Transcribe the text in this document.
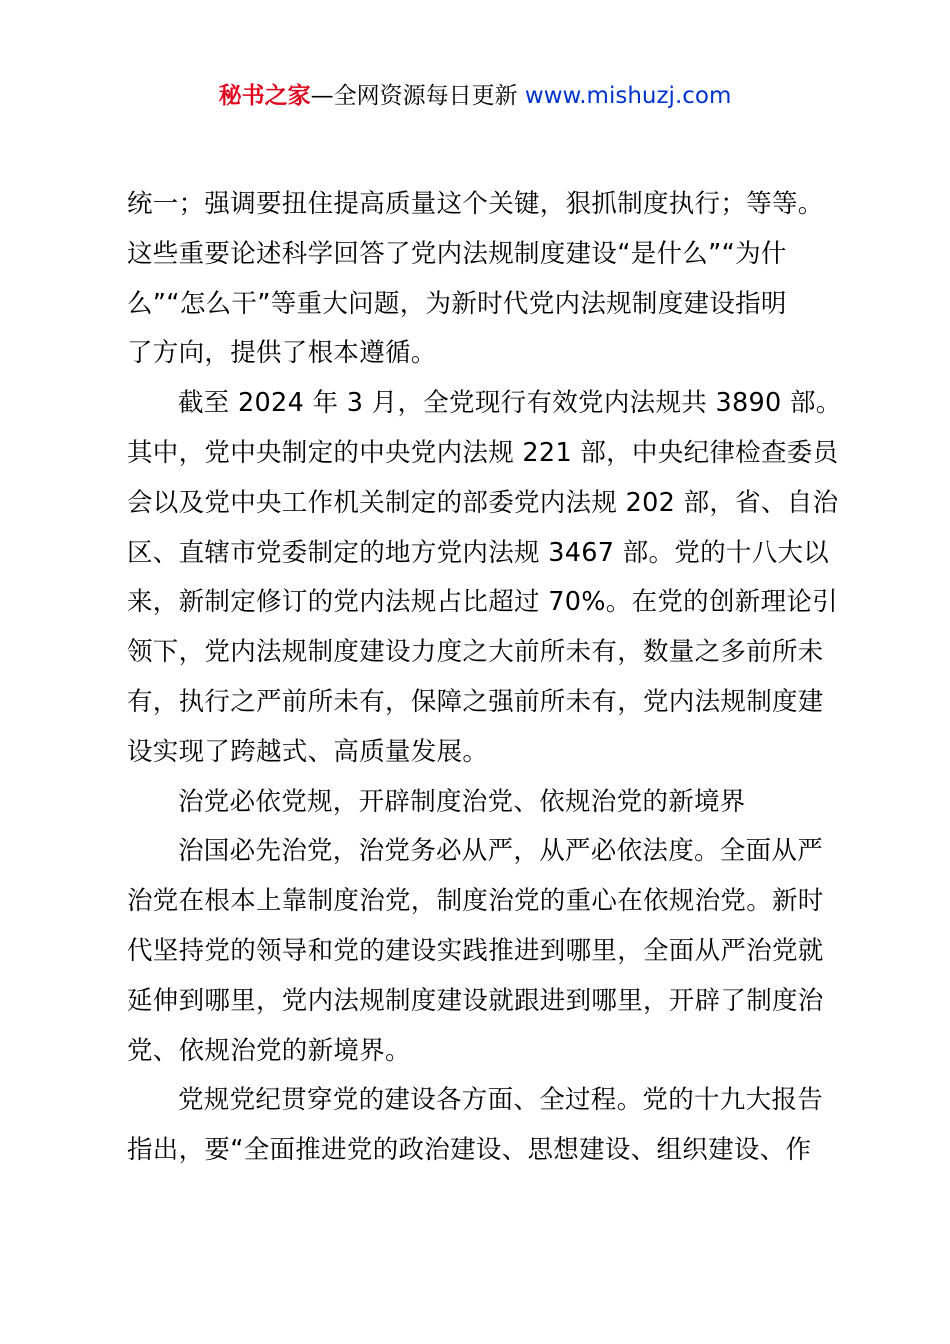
秘书之家—全网资源每日更新 www.mishuzj.com

统一；强调要扭住提高质量这个关键，狠抓制度执行；等等。
这些重要论述科学回答了党内法规制度建设“是什么”“为什
么”“怎么干”等重大问题，为新时代党内法规制度建设指明
了方向，提供了根本遵循。

截至 2024 年 3 月，全党现行有效党内法规共 3890 部。
其中，党中央制定的中央党内法规 221 部，中央纪律检查委员
会以及党中央工作机关制定的部委党内法规 202 部，省、自治
区、直辖市党委制定的地方党内法规 3467 部。党的十八大以
来，新制定修订的党内法规占比超过 70%。在党的创新理论引
领下，党内法规制度建设力度之大前所未有，数量之多前所未
有，执行之严前所未有，保障之强前所未有，党内法规制度建
设实现了跨越式、高质量发展。

治党必依党规，开辟制度治党、依规治党的新境界

治国必先治党，治党务必从严，从严必依法度。全面从严
治党在根本上靠制度治党，制度治党的重心在依规治党。新时
代坚持党的领导和党的建设实践推进到哪里，全面从严治党就
延伸到哪里，党内法规制度建设就跟进到哪里，开辟了制度治
党、依规治党的新境界。

党规党纪贯穿党的建设各方面、全过程。党的十九大报告
指出，要“全面推进党的政治建设、思想建设、组织建设、作
